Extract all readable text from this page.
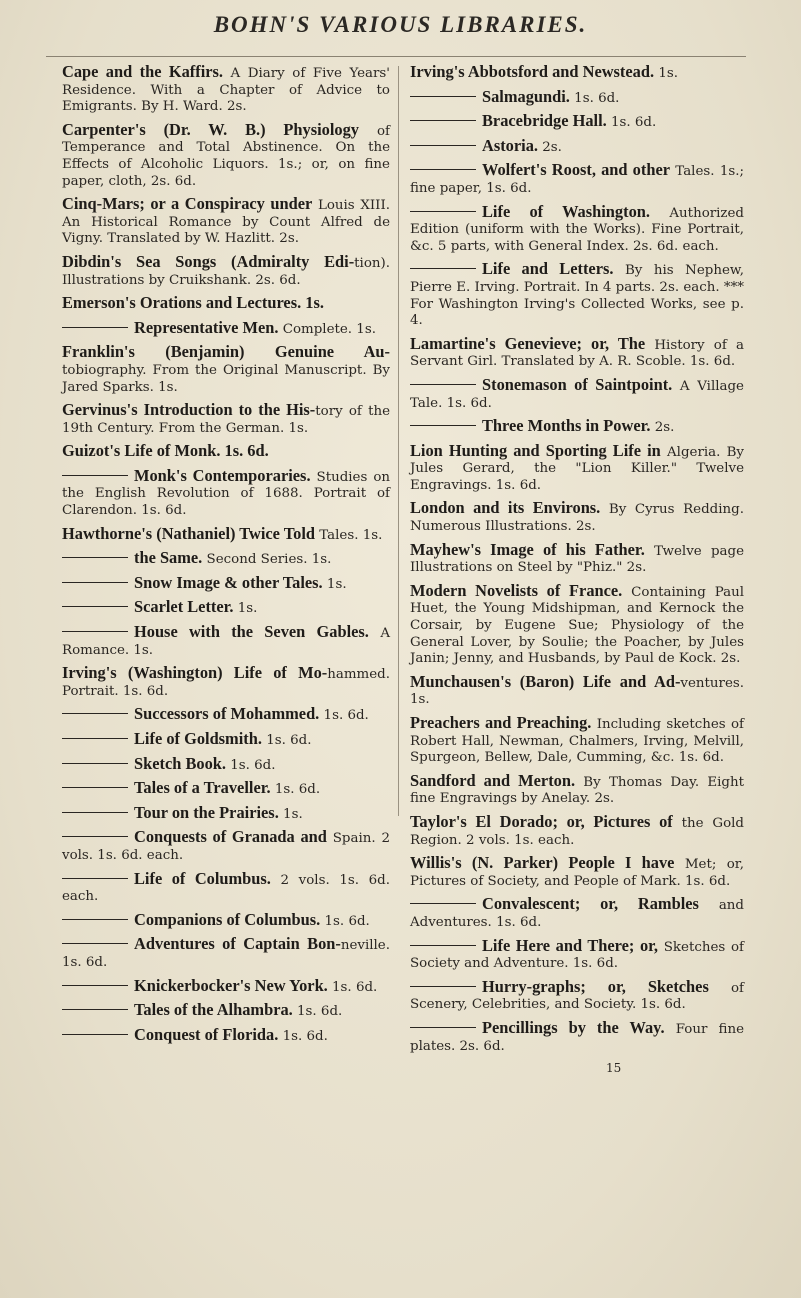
BOHN'S VARIOUS LIBRARIES.
Cape and the Kaffirs. A Diary of Five Years' Residence. With a Chapter of Advice to Emigrants. By H. Ward. 2s.
Carpenter's (Dr. W. B.) Physiology of Temperance and Total Abstinence. On the Effects of Alcoholic Liquors. 1s.; or, on fine paper, cloth, 2s. 6d.
Cinq-Mars; or a Conspiracy under Louis XIII. An Historical Romance by Count Alfred de Vigny. Translated by W. Hazlitt. 2s.
Dibdin's Sea Songs (Admiralty Edi-tion). Illustrations by Cruikshank. 2s. 6d.
Emerson's Orations and Lectures. 1s.
Representative Men. Complete. 1s.
Franklin's (Benjamin) Genuine Au-tobiography. From the Original Manuscript. By Jared Sparks. 1s.
Gervinus's Introduction to the His-tory of the 19th Century. From the German. 1s.
Guizot's Life of Monk. 1s. 6d.
Monk's Contemporaries. Studies on the English Revolution of 1688. Portrait of Clarendon. 1s. 6d.
Hawthorne's (Nathaniel) Twice Told Tales. 1s.
the Same. Second Series. 1s.
Snow Image & other Tales. 1s.
Scarlet Letter. 1s.
House with the Seven Gables. A Romance. 1s.
Irving's (Washington) Life of Mo-hammed. Portrait. 1s. 6d.
Successors of Mohammed. 1s. 6d.
Life of Goldsmith. 1s. 6d.
Sketch Book. 1s. 6d.
Tales of a Traveller. 1s. 6d.
Tour on the Prairies. 1s.
Conquests of Granada and Spain. 2 vols. 1s. 6d. each.
Life of Columbus. 2 vols. 1s. 6d. each.
Companions of Columbus. 1s. 6d.
Adventures of Captain Bon-neville. 1s. 6d.
Knickerbocker's New York. 1s. 6d.
Tales of the Alhambra. 1s. 6d.
Conquest of Florida. 1s. 6d.
Irving's Abbotsford and Newstead. 1s.
Salmagundi. 1s. 6d.
Bracebridge Hall. 1s. 6d.
Astoria. 2s.
Wolfert's Roost, and other Tales. 1s.; fine paper, 1s. 6d.
Life of Washington. Authorized Edition (uniform with the Works). Fine Portrait, &c. 5 parts, with General Index. 2s. 6d. each.
Life and Letters. By his Nephew, Pierre E. Irving. Portrait. In 4 parts. 2s. each. *** For Washington Irving's Collected Works, see p. 4.
Lamartine's Genevieve; or, The History of a Servant Girl. Translated by A. R. Scoble. 1s. 6d.
Stonemason of Saintpoint. A Village Tale. 1s. 6d.
Three Months in Power. 2s.
Lion Hunting and Sporting Life in Algeria. By Jules Gerard, the "Lion Killer." Twelve Engravings. 1s. 6d.
London and its Environs. By Cyrus Redding. Numerous Illustrations. 2s.
Mayhew's Image of his Father. Twelve page Illustrations on Steel by "Phiz." 2s.
Modern Novelists of France. Containing Paul Huet, the Young Midshipman, and Kernock the Corsair, by Eugene Sue; Physiology of the General Lover, by Soulie; the Poacher, by Jules Janin; Jenny, and Husbands, by Paul de Kock. 2s.
Munchausen's (Baron) Life and Ad-ventures. 1s.
Preachers and Preaching. Including sketches of Robert Hall, Newman, Chalmers, Irving, Melvill, Spurgeon, Bellew, Dale, Cumming, &c. 1s. 6d.
Sandford and Merton. By Thomas Day. Eight fine Engravings by Anelay. 2s.
Taylor's El Dorado; or, Pictures of the Gold Region. 2 vols. 1s. each.
Willis's (N. Parker) People I have Met; or, Pictures of Society, and People of Mark. 1s. 6d.
Convalescent; or, Rambles and Adventures. 1s. 6d.
Life Here and There; or, Sketches of Society and Adventure. 1s. 6d.
Hurry-graphs; or, Sketches of Scenery, Celebrities, and Society. 1s. 6d.
Pencillings by the Way. Four fine plates. 2s. 6d.
15
